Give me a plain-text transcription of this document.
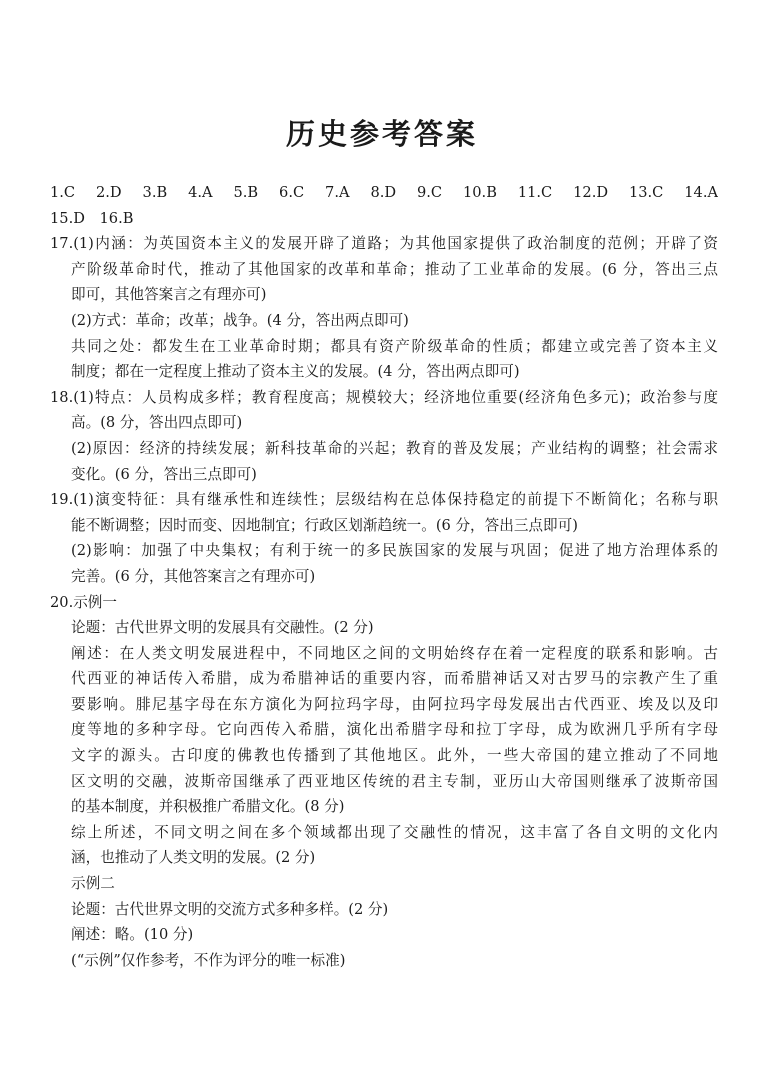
历史参考答案
1.C　2.D　3.B　4.A　5.B　6.C　7.A　8.D　9.C　10.B　11.C　12.D　13.C　14.A
15.D　16.B
17.(1)内涵：为英国资本主义的发展开辟了道路；为其他国家提供了政治制度的范例；开辟了资
产阶级革命时代，推动了其他国家的改革和革命；推动了工业革命的发展。(6 分，答出三点
即可，其他答案言之有理亦可)
(2)方式：革命；改革；战争。(4 分，答出两点即可)
共同之处：都发生在工业革命时期；都具有资产阶级革命的性质；都建立或完善了资本主义
制度；都在一定程度上推动了资本主义的发展。(4 分，答出两点即可)
18.(1)特点：人员构成多样；教育程度高；规模较大；经济地位重要(经济角色多元)；政治参与度
高。(8 分，答出四点即可)
(2)原因：经济的持续发展；新科技革命的兴起；教育的普及发展；产业结构的调整；社会需求
变化。(6 分，答出三点即可)
19.(1)演变特征：具有继承性和连续性；层级结构在总体保持稳定的前提下不断简化；名称与职
能不断调整；因时而变、因地制宜；行政区划渐趋统一。(6 分，答出三点即可)
(2)影响：加强了中央集权；有利于统一的多民族国家的发展与巩固；促进了地方治理体系的
完善。(6 分，其他答案言之有理亦可)
20.示例一
论题：古代世界文明的发展具有交融性。(2 分)
阐述：在人类文明发展进程中，不同地区之间的文明始终存在着一定程度的联系和影响。古
代西亚的神话传入希腊，成为希腊神话的重要内容，而希腊神话又对古罗马的宗教产生了重
要影响。腓尼基字母在东方演化为阿拉玛字母，由阿拉玛字母发展出古代西亚、埃及以及印
度等地的多种字母。它向西传入希腊，演化出希腊字母和拉丁字母，成为欧洲几乎所有字母
文字的源头。古印度的佛教也传播到了其他地区。此外，一些大帝国的建立推动了不同地
区文明的交融，波斯帝国继承了西亚地区传统的君主专制，亚历山大帝国则继承了波斯帝国
的基本制度，并积极推广希腊文化。(8 分)
综上所述，不同文明之间在多个领域都出现了交融性的情况，这丰富了各自文明的文化内
涵，也推动了人类文明的发展。(2 分)
示例二
论题：古代世界文明的交流方式多种多样。(2 分)
阐述：略。(10 分)
(“示例”仅作参考，不作为评分的唯一标准)
